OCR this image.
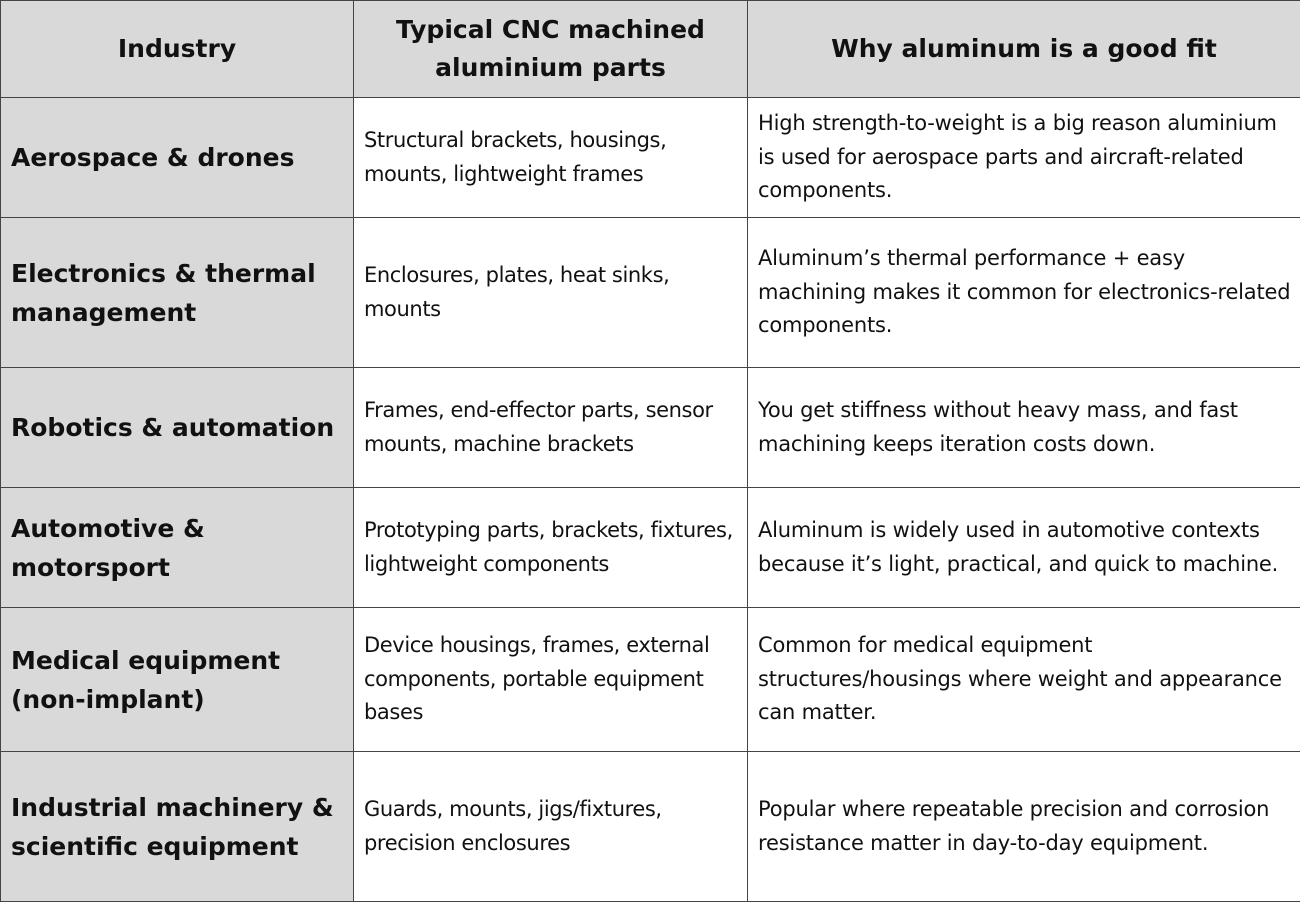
Industry	Typical CNC machined aluminium parts	Why aluminum is a good fit
Aerospace & drones	Structural brackets, housings, mounts, lightweight frames	High strength-to-weight is a big reason aluminium is used for aerospace parts and aircraft-related components.
Electronics & thermal management	Enclosures, plates, heat sinks, mounts	Aluminum’s thermal performance + easy machining makes it common for electronics-related components.
Robotics & automation	Frames, end-effector parts, sensor mounts, machine brackets	You get stiffness without heavy mass, and fast machining keeps iteration costs down.
Automotive & motorsport	Prototyping parts, brackets, fixtures, lightweight components	Aluminum is widely used in automotive contexts because it’s light, practical, and quick to machine.
Medical equipment (non-implant)	Device housings, frames, external components, portable equipment bases	Common for medical equipment structures/housings where weight and appearance can matter.
Industrial machinery & scientific equipment	Guards, mounts, jigs/fixtures, precision enclosures	Popular where repeatable precision and corrosion resistance matter in day-to-day equipment.
